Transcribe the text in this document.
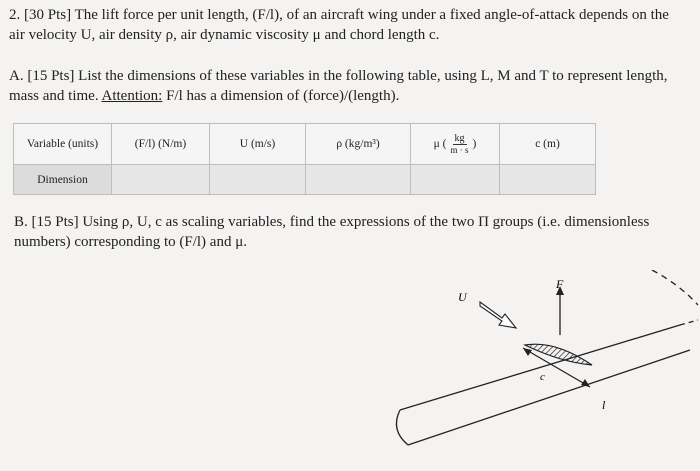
2. [30 Pts] The lift force per unit length, (F/l), of an aircraft wing under a fixed angle-of-attack depends on the
air velocity U, air density ρ, air dynamic viscosity μ and chord length c.
A. [15 Pts] List the dimensions of these variables in the following table, using L, M and T to represent length,
mass and time. Attention: F/l has a dimension of (force)/(length).
Variable (units)	(F/l) (N/m)	U (m/s)	ρ (kg/m³)	μ ( $\frac{kg}{m \cdot s}$ )	c (m)
Dimension					
B. [15 Pts] Using ρ, U, c as scaling variables, find the expressions of the two Π groups (i.e. dimensionless
numbers) corresponding to (F/l) and μ.
U
F
c
l
